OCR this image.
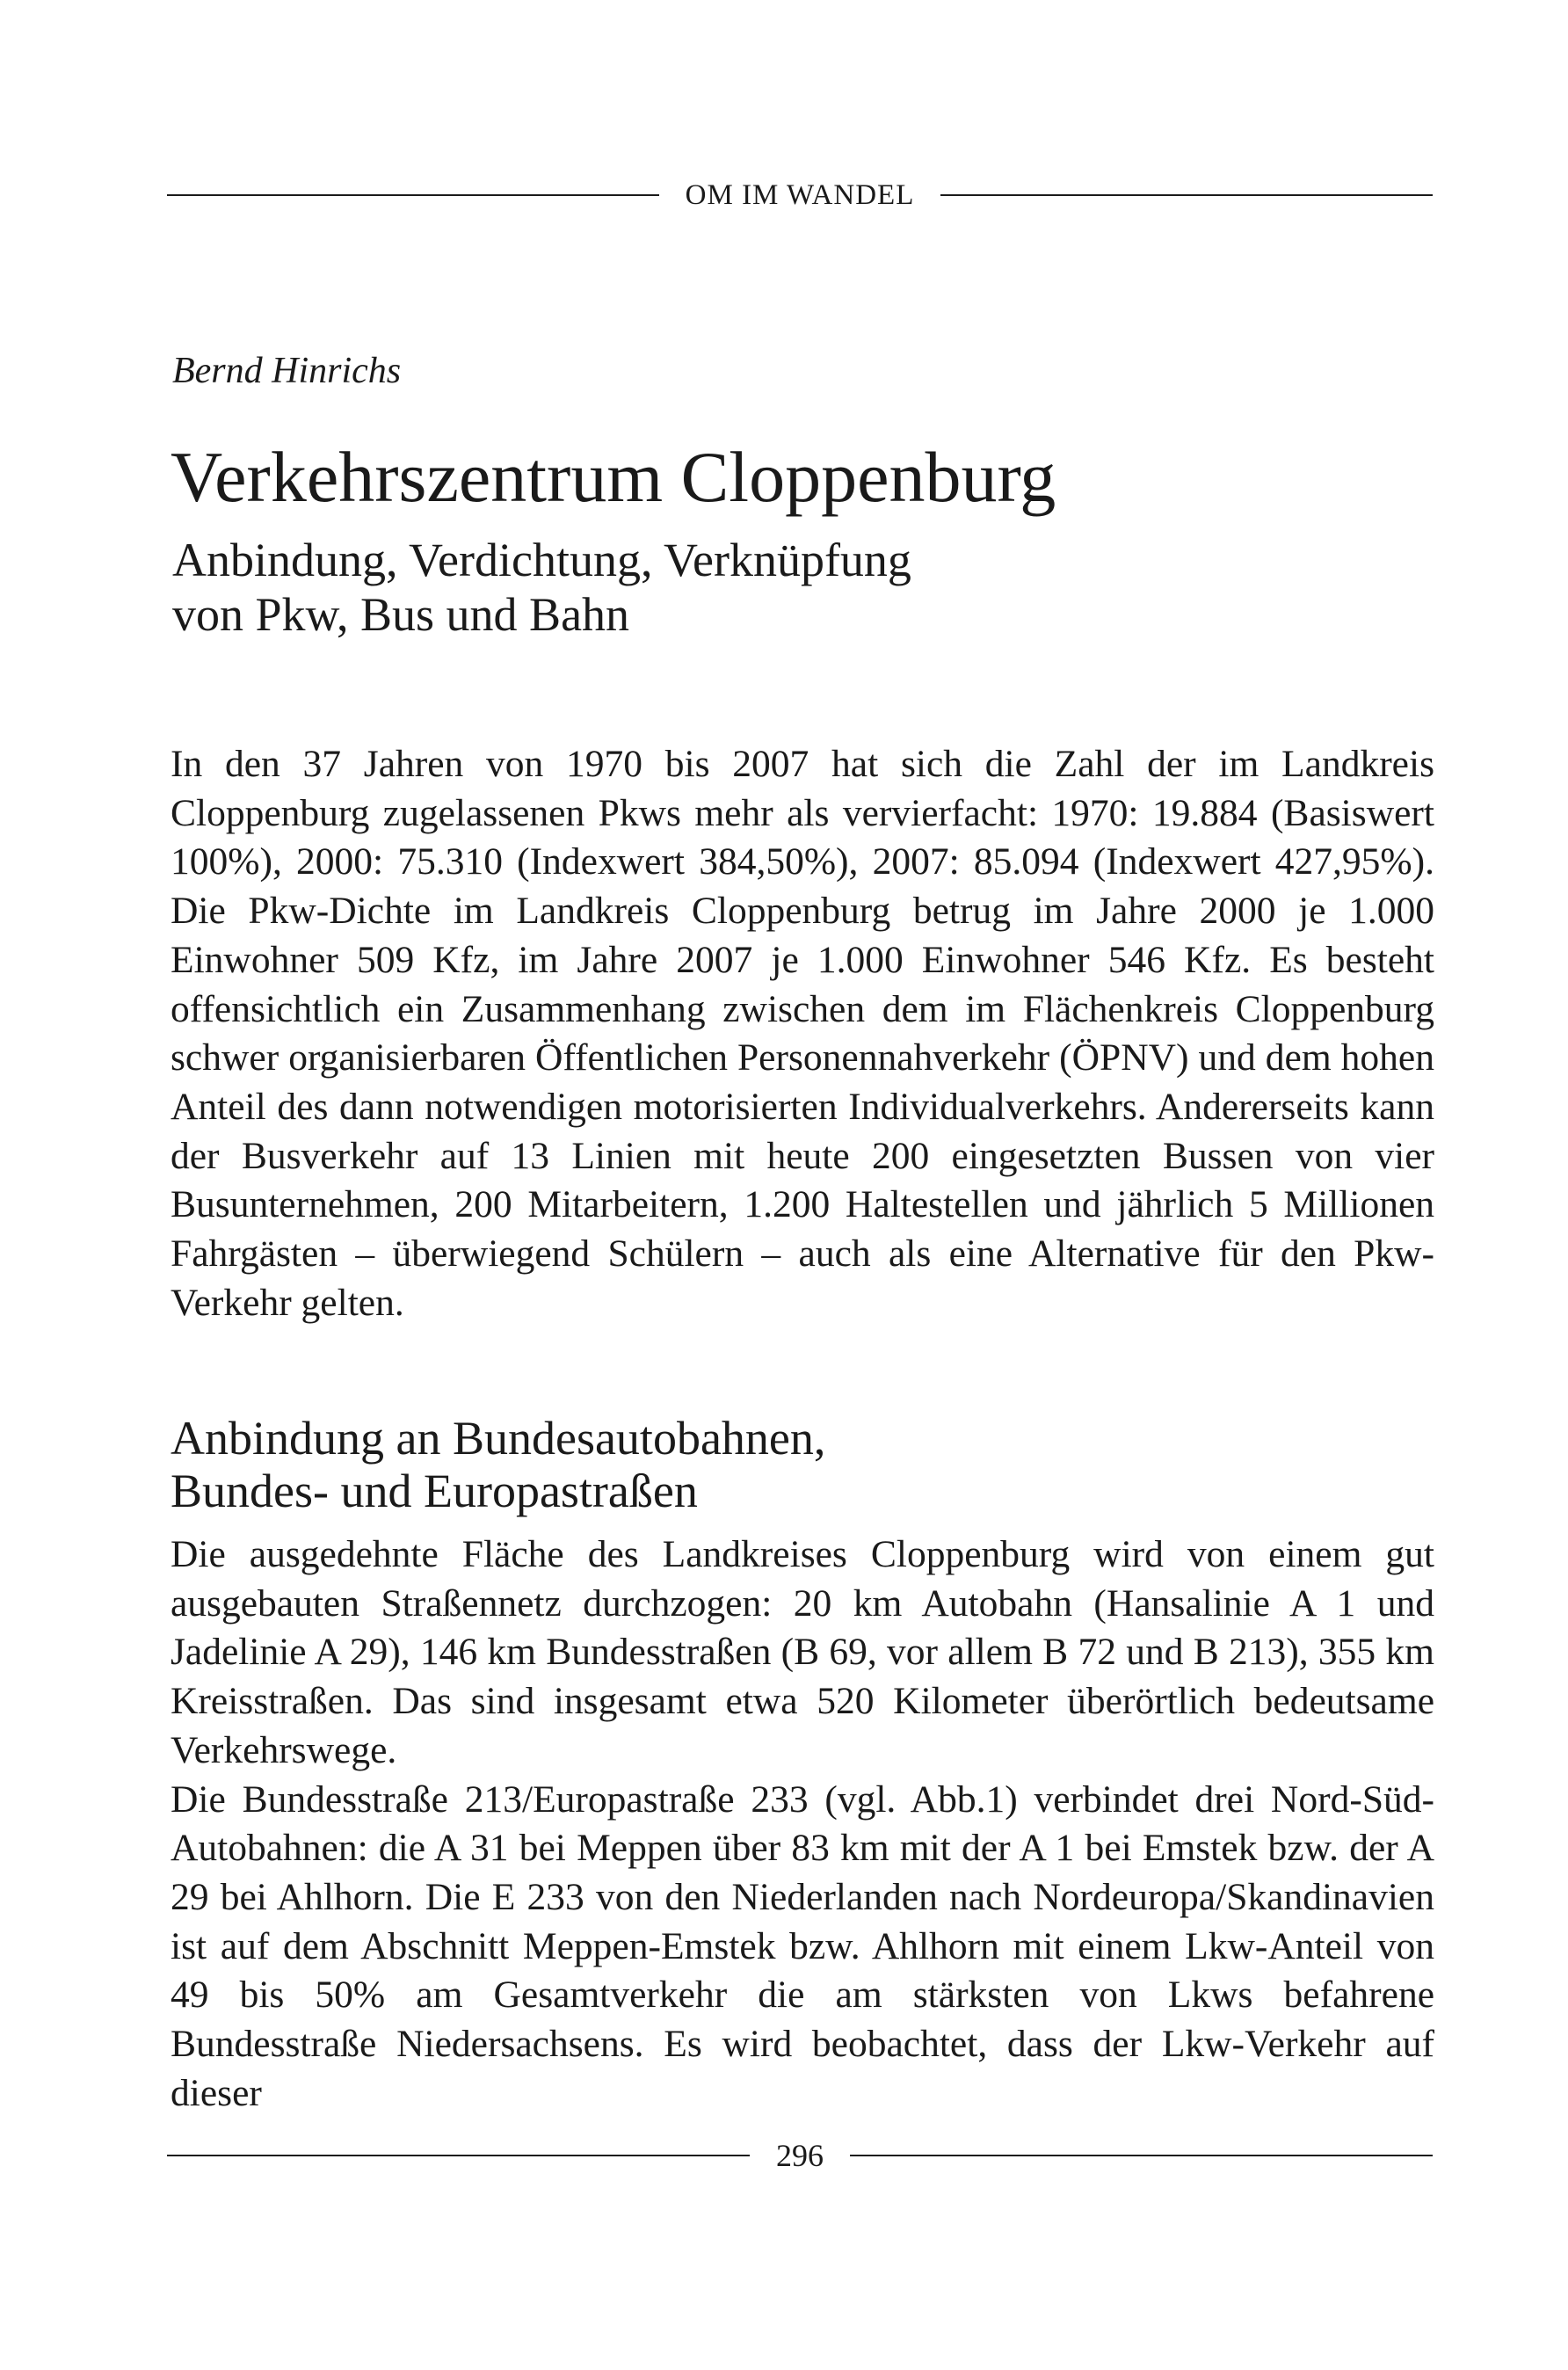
OM IM WANDEL
Bernd Hinrichs
Verkehrszentrum Cloppenburg
Anbindung, Verdichtung, Verknüpfung
von Pkw, Bus und Bahn
In den 37 Jahren von 1970 bis 2007 hat sich die Zahl der im Landkreis Cloppenburg zugelassenen Pkws mehr als vervierfacht: 1970: 19.884 (Basiswert 100%), 2000: 75.310 (Indexwert 384,50%), 2007: 85.094 (Indexwert 427,95%). Die Pkw-Dichte im Landkreis Cloppenburg betrug im Jahre 2000 je 1.000 Einwohner 509 Kfz, im Jahre 2007 je 1.000 Einwohner 546 Kfz. Es besteht offensichtlich ein Zusammenhang zwischen dem im Flächenkreis Cloppenburg schwer organisierbaren Öffentlichen Personennahverkehr (ÖPNV) und dem hohen Anteil des dann notwendigen motorisierten Individualverkehrs. Andererseits kann der Busverkehr auf 13 Linien mit heute 200 eingesetzten Bussen von vier Busunternehmen, 200 Mitarbeitern, 1.200 Haltestellen und jährlich 5 Millionen Fahrgästen – überwiegend Schülern – auch als eine Alternative für den Pkw-Verkehr gelten.
Anbindung an Bundesautobahnen,
Bundes- und Europastraßen

Die ausgedehnte Fläche des Landkreises Cloppenburg wird von einem gut ausgebauten Straßennetz durchzogen: 20 km Autobahn (Hansalinie A 1 und Jadelinie A 29), 146 km Bundesstraßen (B 69, vor allem B 72 und B 213), 355 km Kreisstraßen. Das sind insgesamt etwa 520 Kilometer überörtlich bedeutsame Verkehrswege.

Die Bundesstraße 213/Europastraße 233 (vgl. Abb.1) verbindet drei Nord-Süd-Autobahnen: die A 31 bei Meppen über 83 km mit der A 1 bei Emstek bzw. der A 29 bei Ahlhorn. Die E 233 von den Niederlanden nach Nordeuropa/Skandinavien ist auf dem Abschnitt Meppen-Emstek bzw. Ahlhorn mit einem Lkw-Anteil von 49 bis 50% am Gesamtverkehr die am stärksten von Lkws befahrene Bundesstraße Niedersachsens. Es wird beobachtet, dass der Lkw-Verkehr auf dieser

296
